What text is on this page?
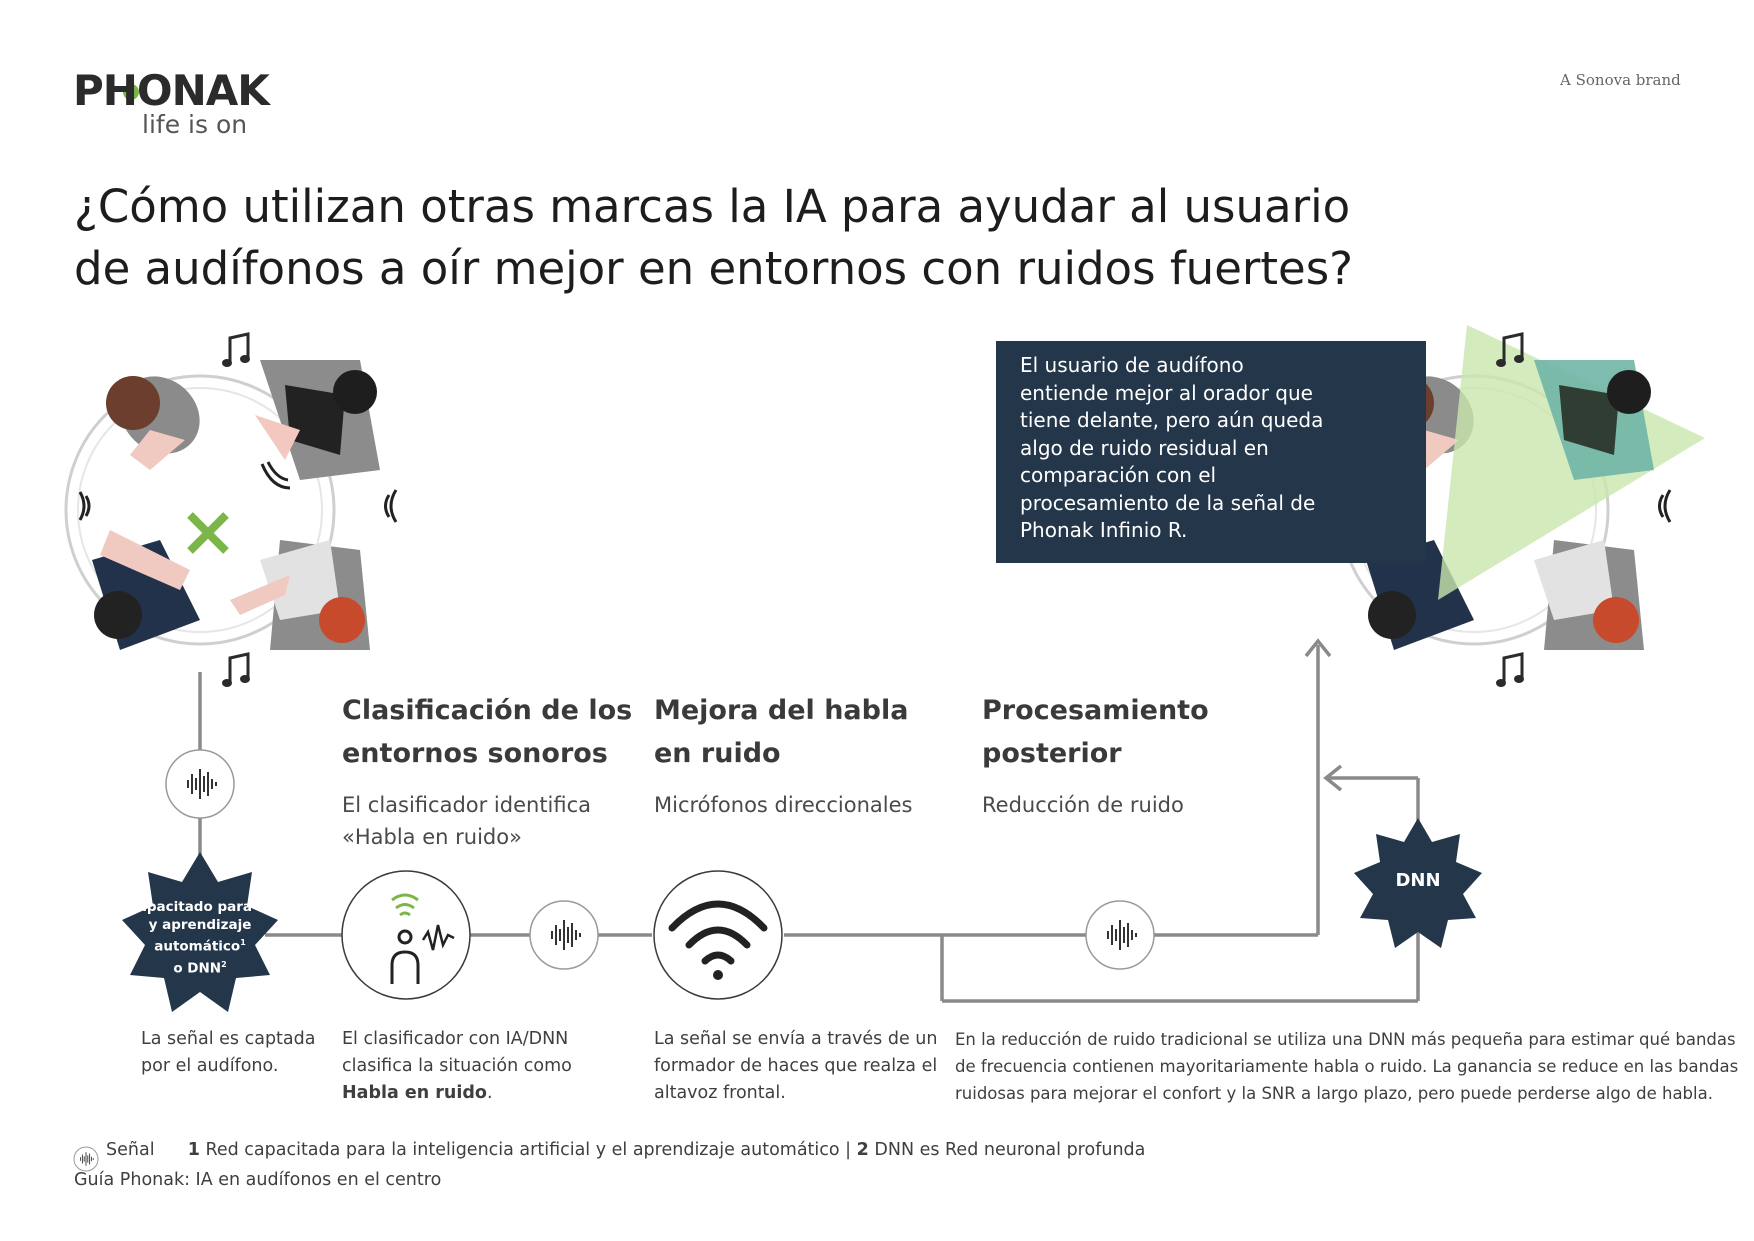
PHONAK
life is on
A Sonova brand
¿Cómo utilizan otras marcas la IA para ayudar al usuario
de audífonos a oír mejor en entornos con ruidos fuertes?
El usuario de audífono
entiende mejor al orador que
tiene delante, pero aún queda
algo de ruido residual en
comparación con el
procesamiento de la señal de
Phonak Infinio R.
Clasificación de los
entornos sonoros
El clasificador identifica
«Habla en ruido»
Mejora del habla
en ruido
Micrófonos direccionales
Procesamiento
posterior
Reducción de ruido
Capacitado para IA
y aprendizaje
automático$^1$
o DNN$^2$
DNN
La señal es captada
por el audífono.
El clasificador con IA/DNN
clasifica la situación como
Habla en ruido.
La señal se envía a través de un
formador de haces que realza el
altavoz frontal.
En la reducción de ruido tradicional se utiliza una DNN más pequeña para estimar qué bandas
de frecuencia contienen mayoritariamente habla o ruido. La ganancia se reduce en las bandas
ruidosas para mejorar el confort y la SNR a largo plazo, pero puede perderse algo de habla.
Señal 1 Red capacitada para la inteligencia artificial y el aprendizaje automático | 2 DNN es Red neuronal profunda
Guía Phonak: IA en audífonos en el centro
